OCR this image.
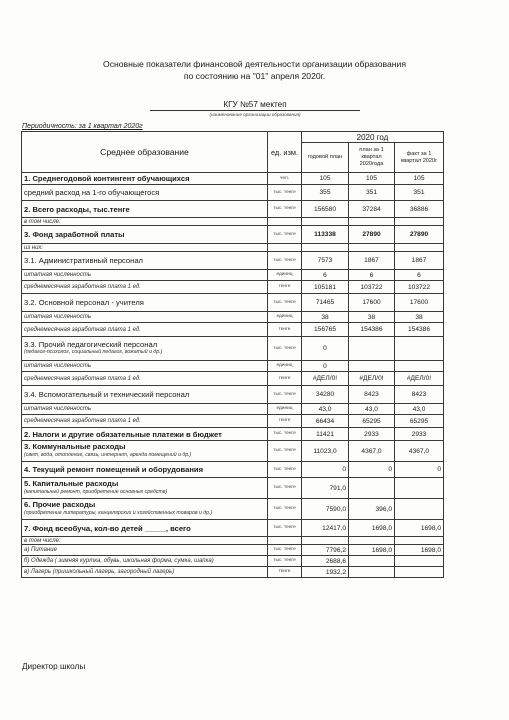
Основные показатели финансовой деятельности организации образования
по состоянию на "01" апреля 2020г.
КГУ №57 мектеп
(наименование организации образования)
Периодичность: за 1 квартал 2020г
Среднее образование	ед. изм.	2020 год		
		годовой план	план за 1 квартал 2020года	факт за 1 квартал 2020г
1. Среднегодовой контингент обучающихся	чел.	105	105	105
средний расход на 1-го обучающегося	тыс. тенге	355	351	351
2. Всего расходы, тыс.тенге	тыс. тенге	156580	37284	36886
в том числе:				
3. Фонд заработной платы	тыс. тенге	113338	27890	27890
из них:				
3.1. Административный персонал	тыс. тенге	7573	1867	1867
штатная численность	единиц	6	6	6
среднемесячная заработная плата 1 ед.	тенге	105181	103722	103722
3.2. Основной персонал - учителя	тыс. тенге	71465	17600	17600
штатная численность	единиц	38	38	38
среднемесячная заработная плата 1 ед.	тенге	156765	154386	154386
3.3. Прочий педагогический персонал
(педагог-психолог, социальный педагог, вожатый и др.)	тыс. тенге	0		
штатная численность	единиц	0		
среднемесячная заработная плата 1 ед.	тенге	#ДЕЛ/0!	#ДЕЛ/0!	#ДЕЛ/0!
3.4. Вспомогательный и технический персонал	тыс. тенге	34280	8423	8423
штатная численность	единиц	43,0	43,0	43,0
среднемесячная заработная плата 1 ед.	тенге	66434	65295	65295
2. Налоги и другие обязательные платежи в бюджет	тыс. тенге	11421	2933	2933
3. Коммунальные расходы
(свет, вода, отопление, связь, интернет, аренда помещений и др.)	тыс. тенге	11023,0	4367,0	4367,0
4. Текущий ремонт помещений и оборудования	тыс. тенге	0	0	0
5. Капитальные расходы
(капитальный ремонт, приобретение основных средств)	тыс. тенге	791,0		
6. Прочие расходы
(приобретение литературы, канцелярских и хозяйственных товаров и др.)	тыс. тенге	7590,0	396,0	
7. Фонд всеобуча, кол-во детей _____, всего	тыс. тенге	12417,0	1698,0	1698,0
в том числе:				
а) Питание	тыс. тенге	7796,2	1698,0	1698,0
б) Одежда ( зимняя куртка, обувь, школьная форма, сумка, шапка)	тыс. тенге	2688,6		
в) Лагерь (пришкольный лагерь, загородный лагерь)	тенге	1932,2		
Директор школы
